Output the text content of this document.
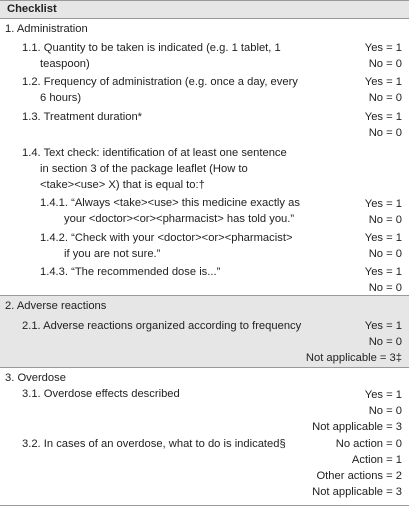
Checklist
1. Administration
1.1. Quantity to be taken is indicated (e.g. 1 tablet, 1
teaspoon)
Yes = 1
No = 0
1.2. Frequency of administration (e.g. once a day, every
6 hours)
Yes = 1
No = 0
1.3. Treatment duration*	Yes = 1
No = 0
1.4. Text check: identification of at least one sentence
in section 3 of the package leaflet (How to
<take><use> X) that is equal to:†
1.4.1. “Always <take><use> this medicine exactly as
your <doctor><or><pharmacist> has told you.”
Yes = 1
No = 0
1.4.2. “Check with your <doctor><or><pharmacist>
if you are not sure.”
Yes = 1
No = 0
1.4.3. “The recommended dose is...”	Yes = 1
No = 0
2. Adverse reactions
2.1. Adverse reactions organized according to frequency	Yes = 1
No = 0
Not applicable = 3‡
3. Overdose
3.1. Overdose effects described	Yes = 1
No = 0
Not applicable = 3
3.2. In cases of an overdose, what to do is indicated§	No action = 0
Action = 1
Other actions = 2
Not applicable = 3
